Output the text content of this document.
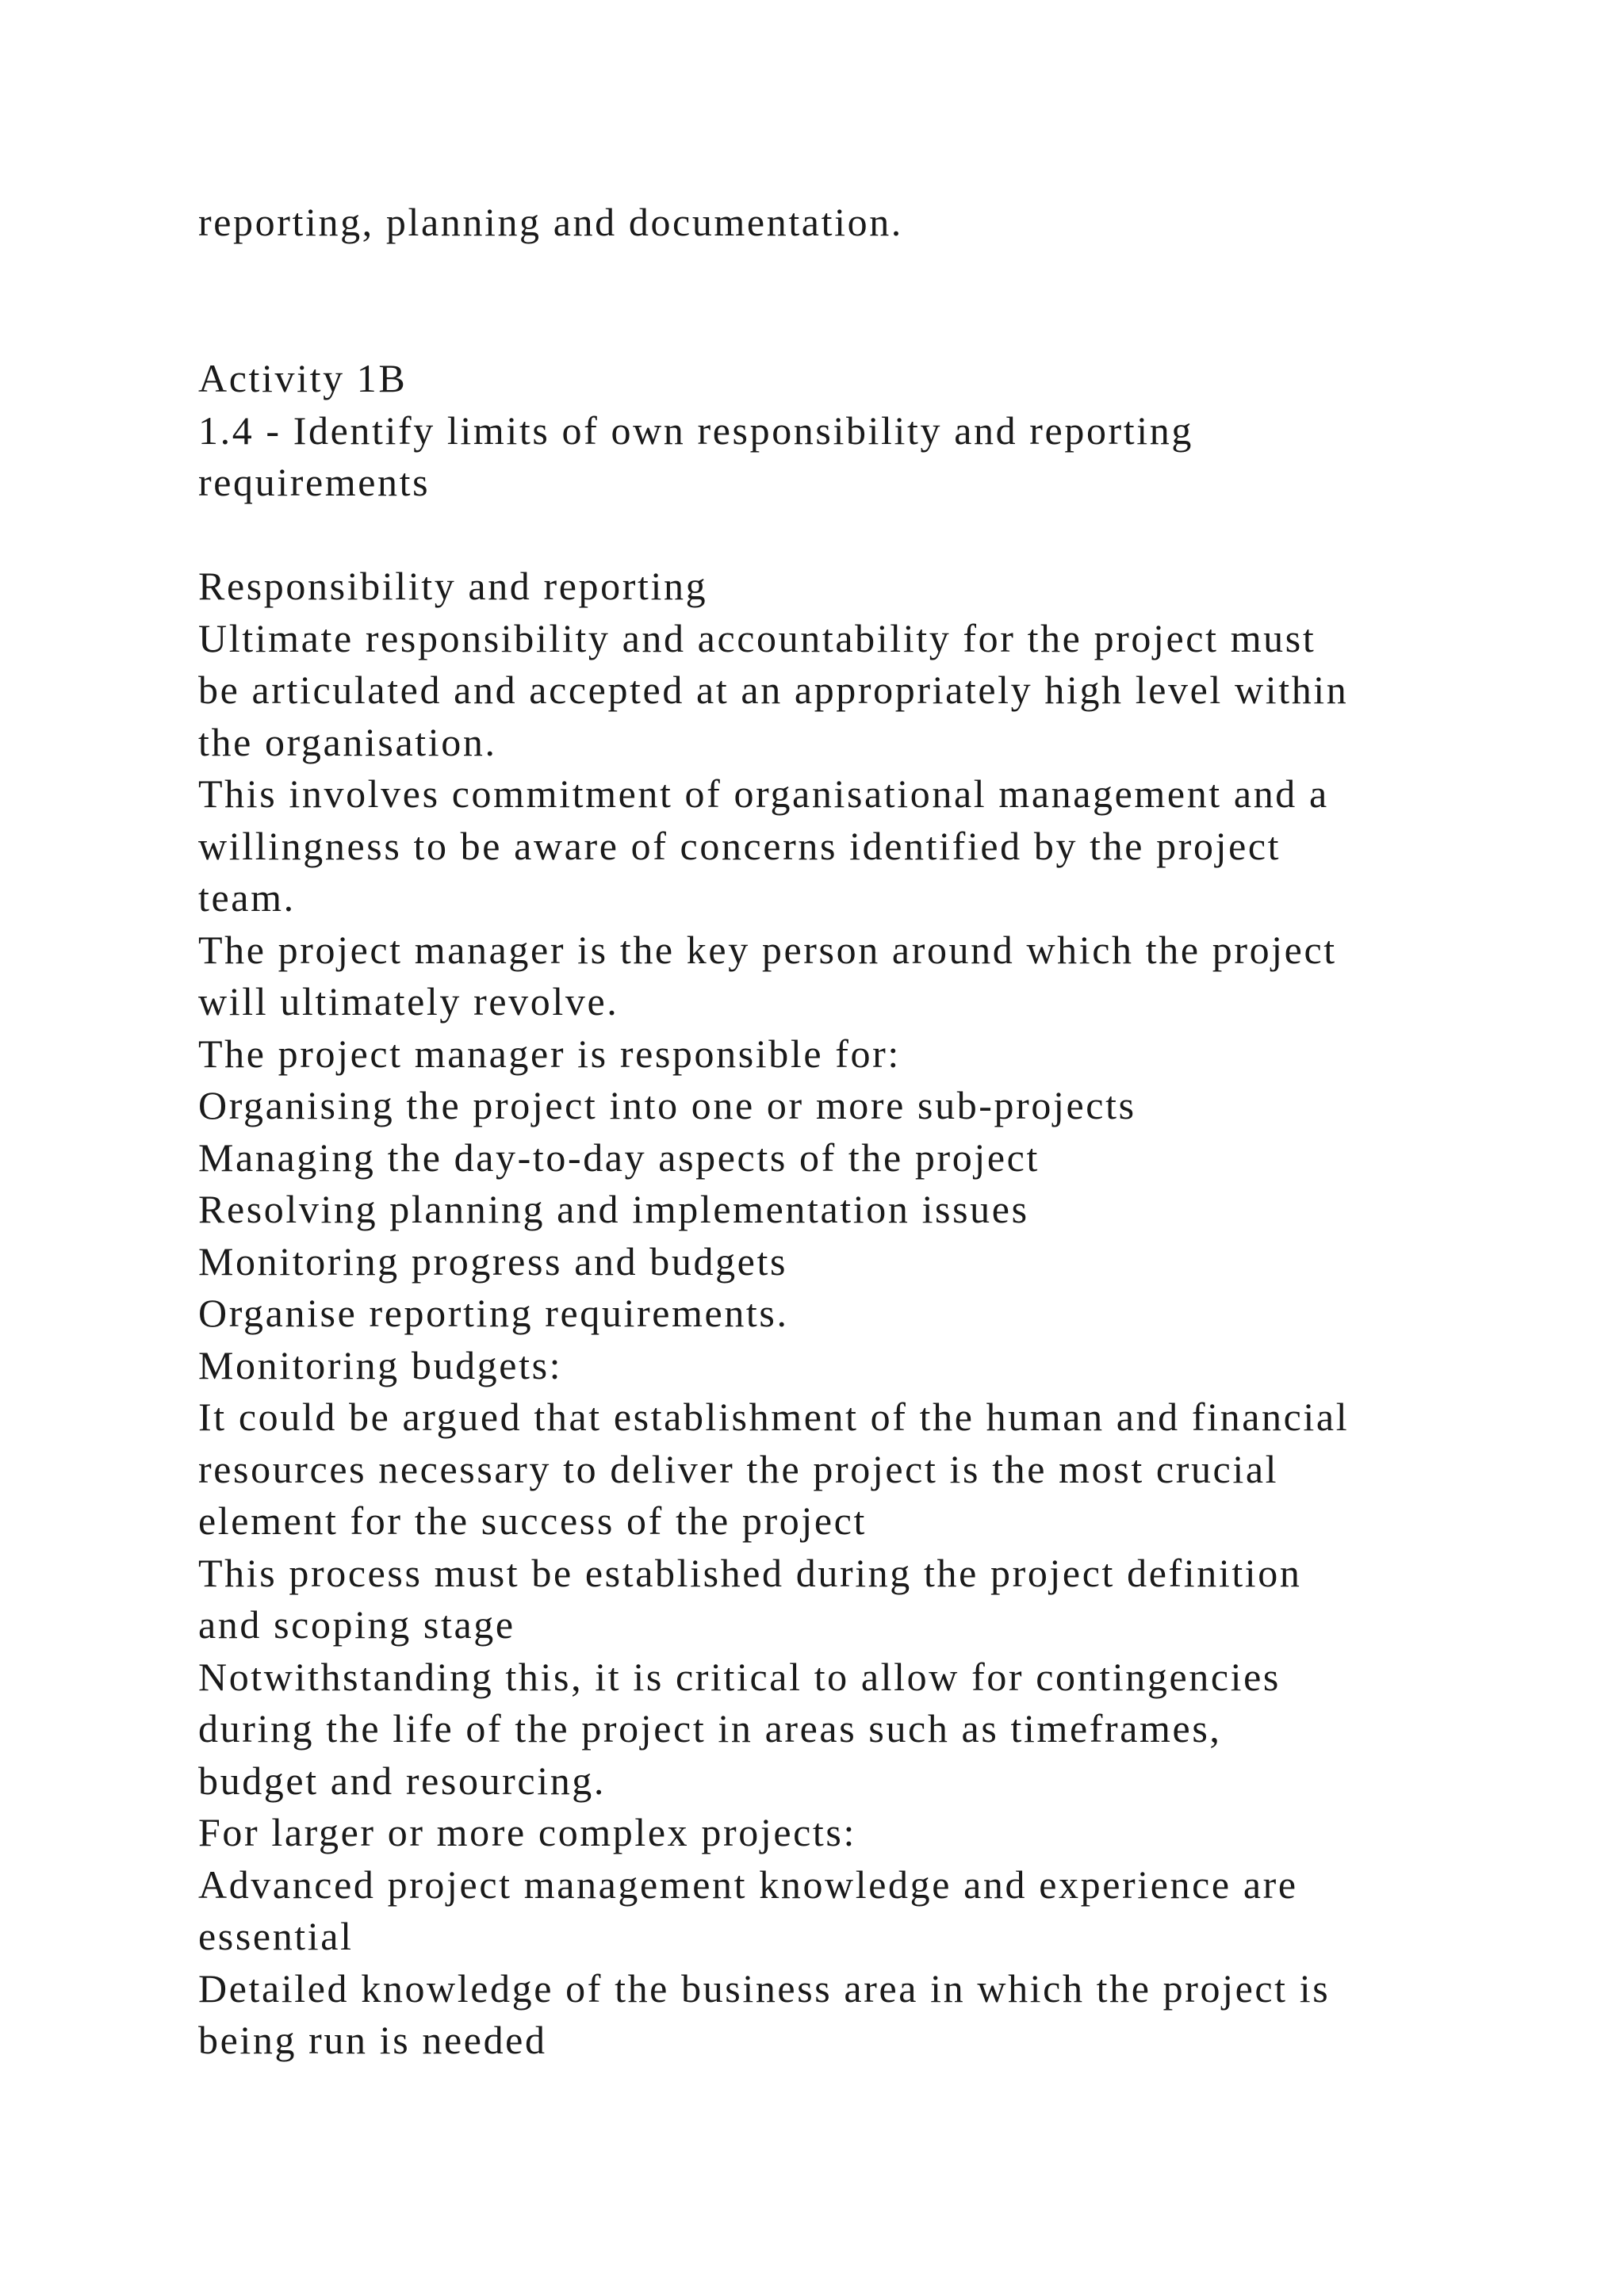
reporting, planning and documentation.
Activity 1B
1.4 - Identify limits of own responsibility and reporting
requirements
Responsibility and reporting
Ultimate responsibility and accountability for the project must
be articulated and accepted at an appropriately high level within
the organisation.
This involves commitment of organisational management and a
willingness to be aware of concerns identified by the project
team.
The project manager is the key person around which the project
will ultimately revolve.
The project manager is responsible for:
Organising the project into one or more sub-projects
Managing the day-to-day aspects of the project
Resolving planning and implementation issues
Monitoring progress and budgets
Organise reporting requirements.
Monitoring budgets:
It could be argued that establishment of the human and financial
resources necessary to deliver the project is the most crucial
element for the success of the project
This process must be established during the project definition
and scoping stage
Notwithstanding this, it is critical to allow for contingencies
during the life of the project in areas such as timeframes,
budget and resourcing.
For larger or more complex projects:
Advanced project management knowledge and experience are
essential
Detailed knowledge of the business area in which the project is
being run is needed
